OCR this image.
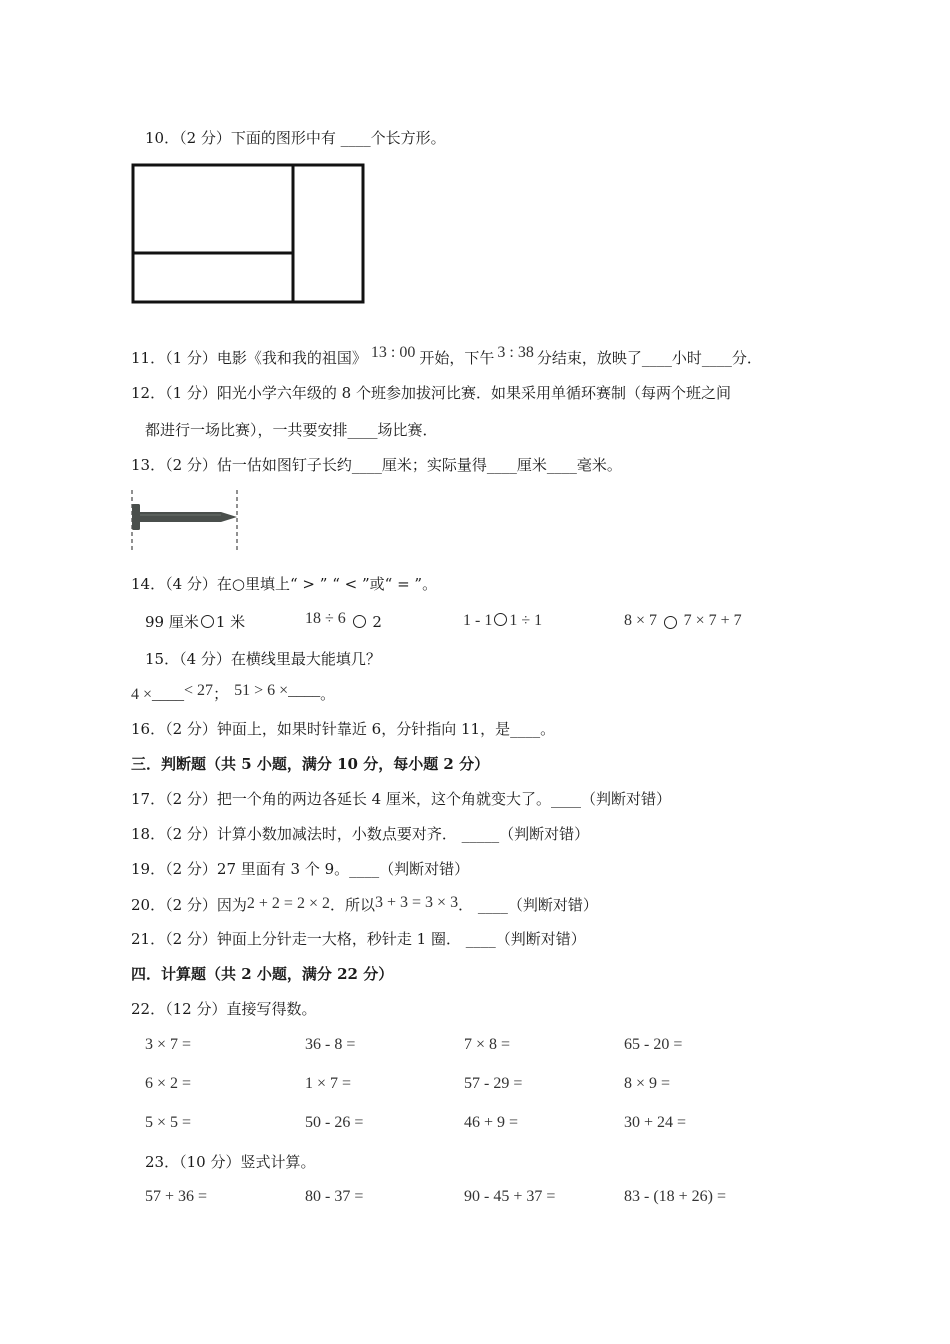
10．（2 分）下面的图形中有 ____个长方形。
11．（1 分）电影《我和我的祖国》 13 : 00 开始，下午 3 : 38 分结束，放映了____小时____分．
12．（1 分）阳光小学六年级的 8 个班参加拔河比赛．如果采用单循环赛制（每两个班之间
都进行一场比赛），一共要安排____场比赛．
13．（2 分）估一估如图钉子长约____厘米；实际量得____厘米____毫米。
14．（4 分）在○里填上“ > ” “ < ”或“ = ”。
99 厘米 1 米	18 ÷ 6 2	1 - 1 1 ÷ 1	8 × 7 7 × 7 + 7
15．（4 分）在横线里最大能填几？
4 ×____< 27； 51 > 6 ×____。
16．（2 分）钟面上，如果时针靠近 6，分针指向 11，是____。
三．判断题（共 5 小题，满分 10 分，每小题 2 分）
17．（2 分）把一个角的两边各延长 4 厘米，这个角就变大了。____（判断对错）
18．（2 分）计算小数加减法时，小数点要对齐． _____（判断对错）
19．（2 分）27 里面有 3 个 9。____（判断对错）
20．（2 分）因为2 + 2 = 2 × 2．所以3 + 3 = 3 × 3． ____（判断对错）
21．（2 分）钟面上分针走一大格，秒针走 1 圈． ____（判断对错）
四．计算题（共 2 小题，满分 22 分）
22．（12 分）直接写得数。
3 × 7 =	36 - 8 =	7 × 8 =	65 - 20 =
6 × 2 =	1 × 7 =	57 - 29 =	8 × 9 =
5 × 5 =	50 - 26 =	46 + 9 =	30 + 24 =
23．（10 分）竖式计算。
57 + 36 =	80 - 37 =	90 - 45 + 37 =	83 - (18 + 26) =
